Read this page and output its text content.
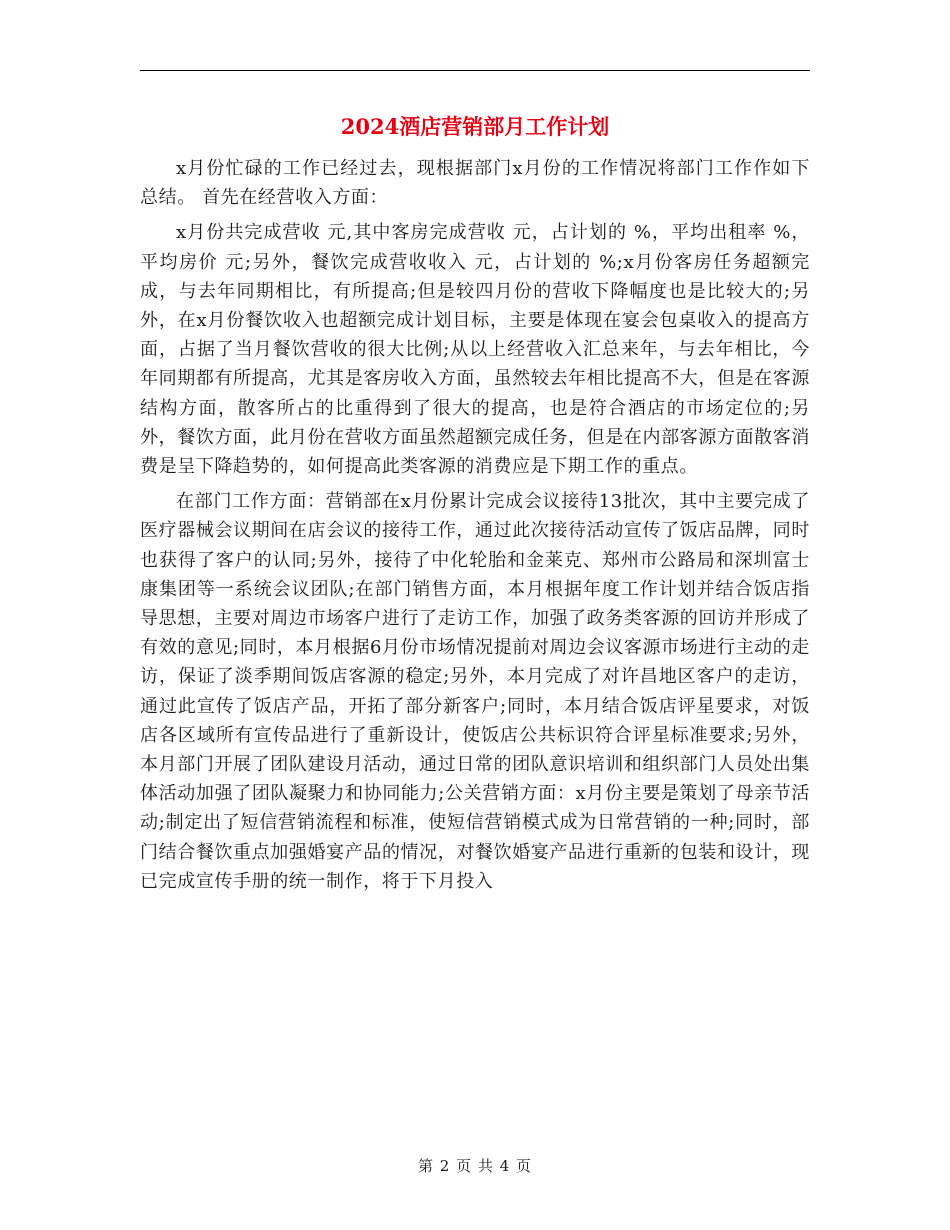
2024酒店营销部月工作计划

x月份忙碌的工作已经过去，现根据部门x月份的工作情况将部门工作作如下总结。 首先在经营收入方面：

x月份共完成营收 元,其中客房完成营收 元，占计划的 %，平均出租率 %，平均房价 元;另外，餐饮完成营收收入 元，占计划的 %;x月份客房任务超额完成，与去年同期相比，有所提高;但是较四月份的营收下降幅度也是比较大的;另外，在x月份餐饮收入也超额完成计划目标，主要是体现在宴会包桌收入的提高方面，占据了当月餐饮营收的很大比例;从以上经营收入汇总来年，与去年相比，今年同期都有所提高，尤其是客房收入方面，虽然较去年相比提高不大，但是在客源结构方面，散客所占的比重得到了很大的提高，也是符合酒店的市场定位的;另外，餐饮方面，此月份在营收方面虽然超额完成任务，但是在内部客源方面散客消费是呈下降趋势的，如何提高此类客源的消费应是下期工作的重点。

在部门工作方面：营销部在x月份累计完成会议接待13批次，其中主要完成了医疗器械会议期间在店会议的接待工作，通过此次接待活动宣传了饭店品牌，同时也获得了客户的认同;另外，接待了中化轮胎和金莱克、郑州市公路局和深圳富士康集团等一系统会议团队;在部门销售方面，本月根据年度工作计划并结合饭店指导思想，主要对周边市场客户进行了走访工作，加强了政务类客源的回访并形成了有效的意见;同时，本月根据6月份市场情况提前对周边会议客源市场进行主动的走访，保证了淡季期间饭店客源的稳定;另外，本月完成了对许昌地区客户的走访，通过此宣传了饭店产品，开拓了部分新客户;同时，本月结合饭店评星要求，对饭店各区域所有宣传品进行了重新设计，使饭店公共标识符合评星标准要求;另外，本月部门开展了团队建设月活动，通过日常的团队意识培训和组织部门人员处出集体活动加强了团队凝聚力和协同能力;公关营销方面：x月份主要是策划了母亲节活动;制定出了短信营销流程和标准，使短信营销模式成为日常营销的一种;同时，部门结合餐饮重点加强婚宴产品的情况，对餐饮婚宴产品进行重新的包装和设计，现已完成宣传手册的统一制作，将于下月投入

第 2 页 共 4 页
